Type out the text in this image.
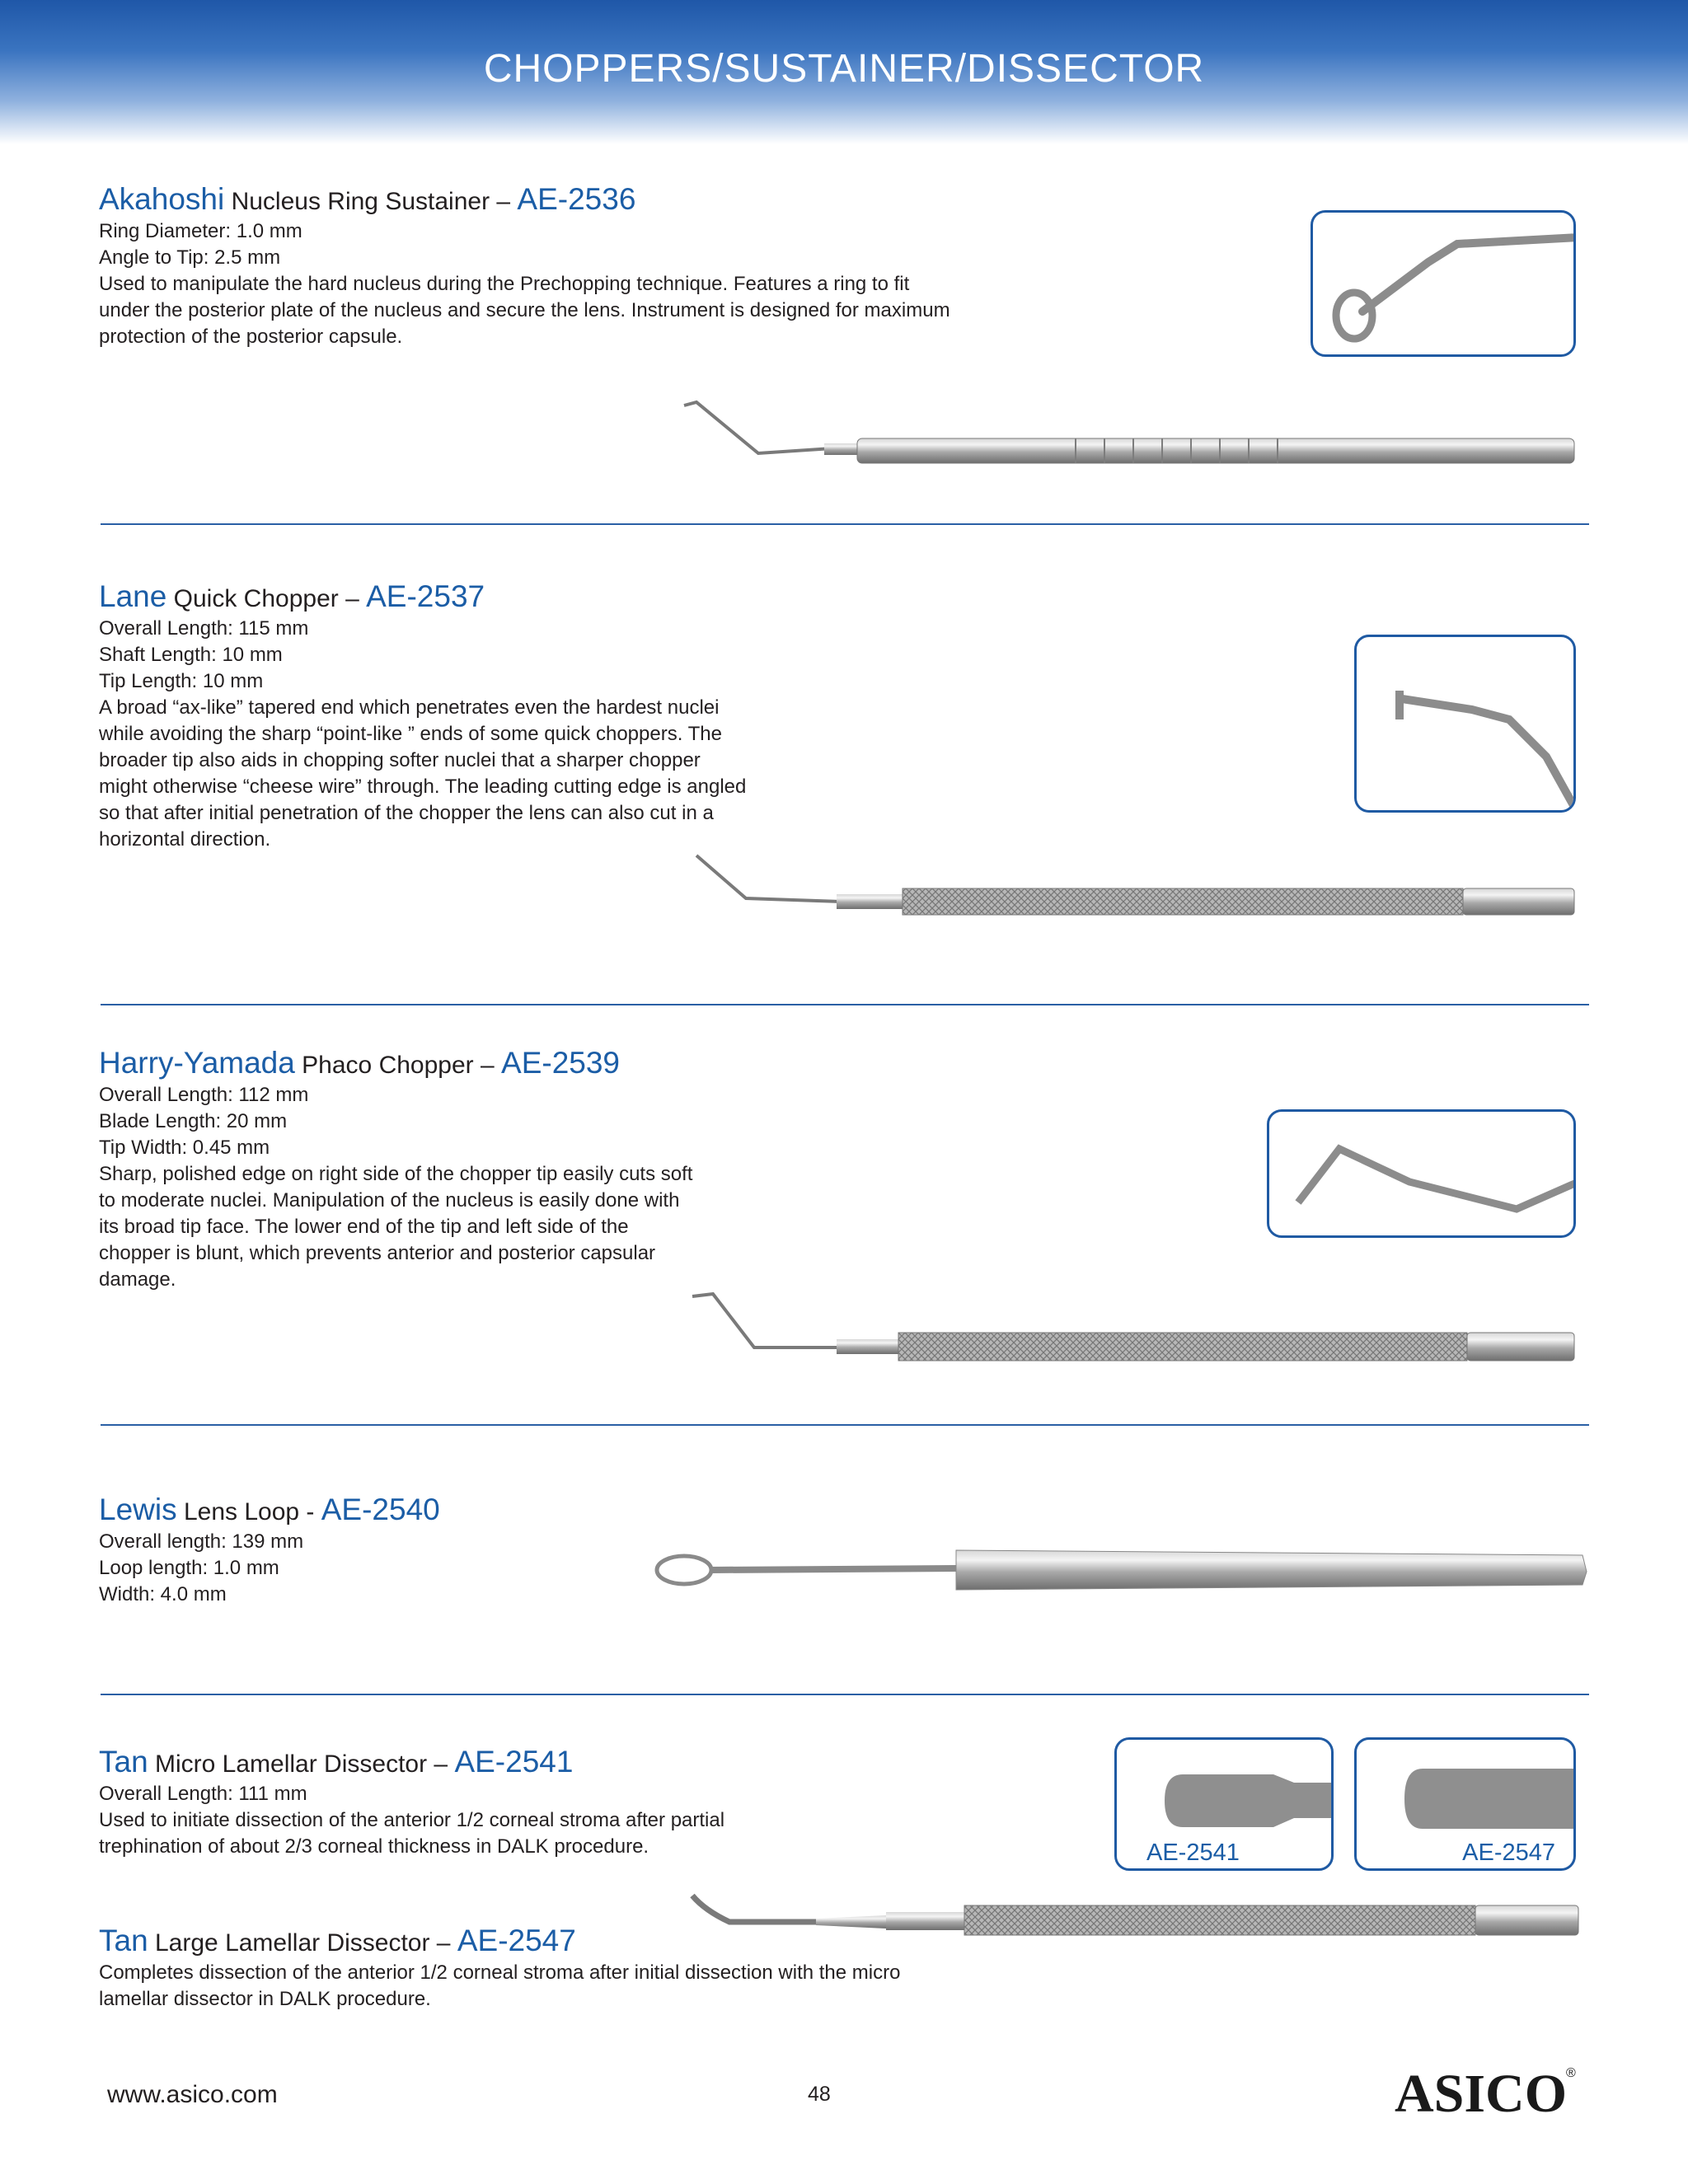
CHOPPERS/SUSTAINER/DISSECTOR
Akahoshi Nucleus Ring Sustainer – AE-2536
Ring Diameter: 1.0 mm
Angle to Tip: 2.5 mm
Used to manipulate the hard nucleus during the Prechopping technique. Features a ring to fit under the posterior plate of the nucleus and secure the lens. Instrument is designed for maximum protection of the posterior capsule.
Lane Quick Chopper – AE-2537
Overall Length: 115 mm
Shaft Length: 10 mm
Tip Length: 10 mm
A broad “ax-like” tapered end which penetrates even the hardest nuclei while avoiding the sharp “point-like ” ends of some quick choppers. The broader tip also aids in chopping softer nuclei that a sharper chopper might otherwise “cheese wire” through. The leading cutting edge is angled so that after initial penetration of the chopper the lens can also cut in a horizontal direction.
Harry-Yamada Phaco Chopper – AE-2539
Overall Length: 112 mm
Blade Length: 20 mm
Tip Width: 0.45 mm
Sharp, polished edge on right side of the chopper tip easily cuts soft to moderate nuclei. Manipulation of the nucleus is easily done with its broad tip face. The lower end of the tip and left side of the chopper is blunt, which prevents anterior and posterior capsular damage.
Lewis Lens Loop - AE-2540
Overall length: 139 mm
Loop length: 1.0 mm
Width: 4.0 mm
Tan Micro Lamellar Dissector – AE-2541
Overall Length: 111 mm
Used to initiate dissection of the anterior 1/2 corneal stroma after partial trephination of about 2/3 corneal thickness in DALK procedure.	AE-2541	AE-2547
Tan Large Lamellar Dissector – AE-2547
Completes dissection of the anterior 1/2 corneal stroma after initial dissection with the micro lamellar dissector in DALK procedure.
www.asico.com	48	ASICO
®
